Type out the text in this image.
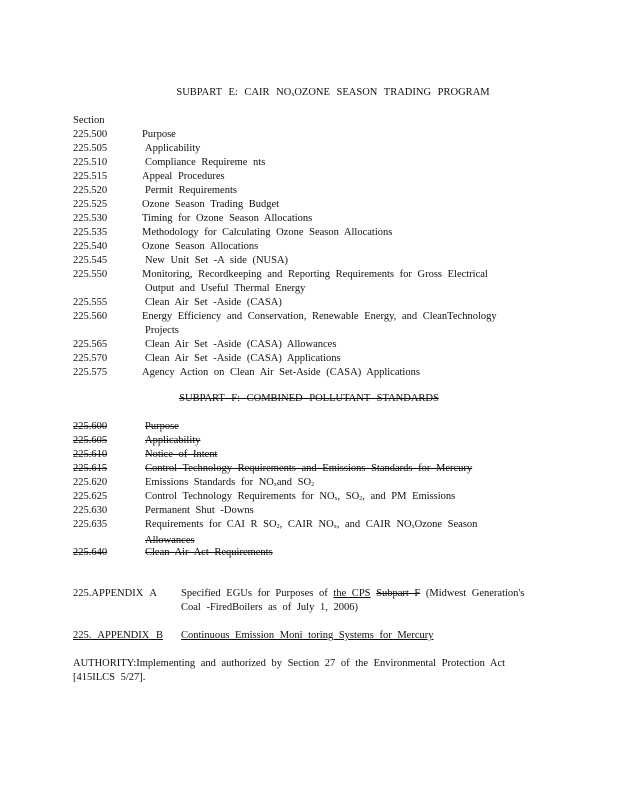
SUBPART E: CAIR $NO_xOZONE$ SEASON TRADING PROGRAM
Section
225.500	Purpose
225.505	Applicability
225.510	Compliance Requireme nts
225.515	Appeal Procedures
225.520	Permit Requirements
225.525	Ozone Season Trading Budget
225.530	Timing for Ozone Season Allocations
225.535	Methodology for Calculating Ozone Season Allocations
225.540	Ozone Season Allocations
225.545	New Unit Set -A side (NUSA)
225.550	Monitoring, Recordkeeping and Reporting Requirements for Gross Electrical
Output and Useful Thermal Energy
225.555	Clean Air Set -Aside (CASA)
225.560	Energy Efficiency and Conservation, Renewable Energy, and CleanTechnology
Projects
225.565	Clean Air Set -Aside (CASA) Allowances
225.570	Clean Air Set -Aside (CASA) Applications
225.575	Agency Action on Clean Air Set-Aside (CASA) Applications
SUBPART F: COMBINED POLLUTANT STANDARDS
225.600	Purpose
225.605	Applicability
225.610	Notice of Intent
225.615	Control Technology Requirements and Emissions Standards for Mercury
225.620	Emissions Standards for $NO_xand$ $SO_2$
225.625	Control Technology Requirements for $NO_x$, $SO_2$, and PM Emissions
225.630	Permanent Shut -Downs
225.635	Requirements for CAI R $SO_2$, CAIR $NO_x$, and CAIR $NO_xOzone$ Season
Allowances
225.640	Clean Air Act Requirements
225.APPENDIX A Specified EGUs for Purposes of the CPS Subpart F (Midwest Generation's
Coal -FiredBoilers as of July 1, 2006)
225. APPENDIX B Continuous Emission Moni toring Systems for Mercury
AUTHORITY:Implementing and authorized by Section 27 of the Environmental Protection Act [415ILCS 5/27].
